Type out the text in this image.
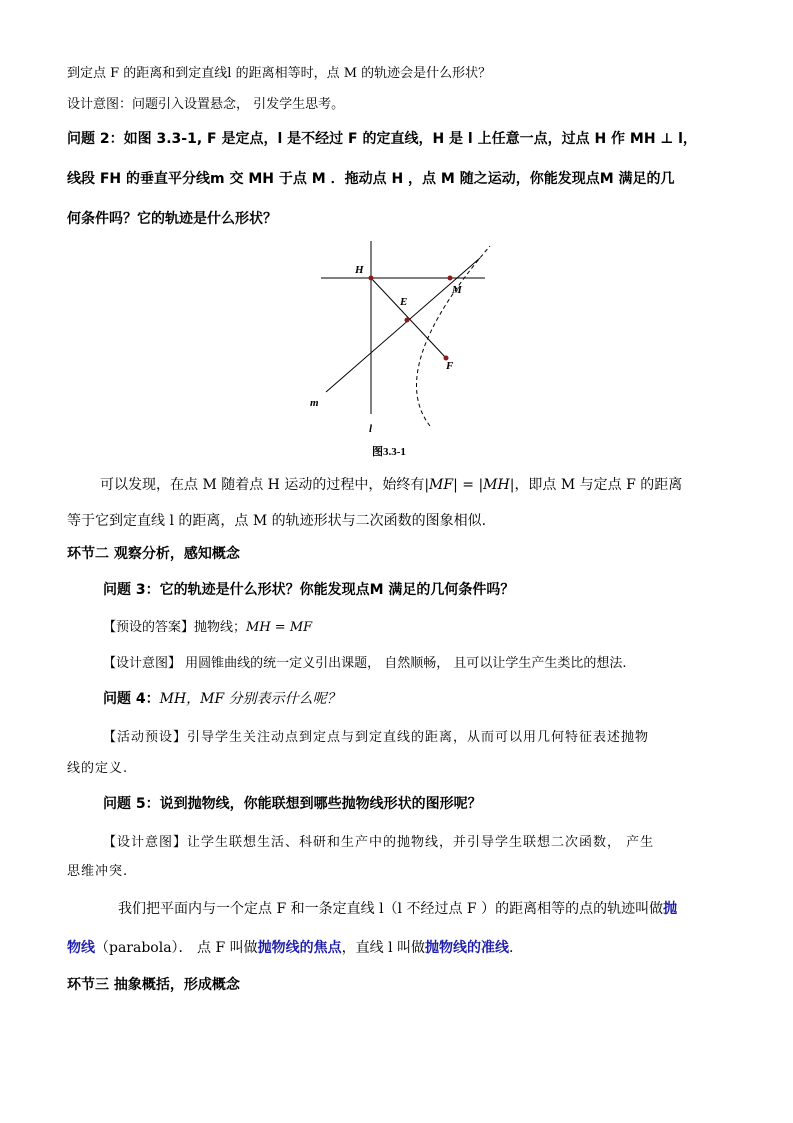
到定点 F 的距离和到定直线l 的距离相等时，点 M 的轨迹会是什么形状？
设计意图：问题引入设置悬念， 引发学生思考。
问题 2：如图 3.3-1, F 是定点，l 是不经过 F 的定直线，H 是 l 上任意一点，过点 H 作 MH ⊥ l，
线段 FH 的垂直平分线m 交 MH 于点 M ．拖动点 H ，点 M 随之运动，你能发现点M 满足的几
何条件吗？它的轨迹是什么形状？
H
M
E
F
m
l
图3.3-1
可以发现，在点 M 随着点 H 运动的过程中，始终有|MF| = |MH|，即点 M 与定点 F 的距离
等于它到定直线 l 的距离，点 M 的轨迹形状与二次函数的图象相似.
环节二 观察分析，感知概念
问题 3：它的轨迹是什么形状？你能发现点M 满足的几何条件吗？
【预设的答案】抛物线；MH = MF
【设计意图】 用圆锥曲线的统一定义引出课题， 自然顺畅， 且可以让学生产生类比的想法.
问题 4：MH，MF 分别表示什么呢？
【活动预设】引导学生关注动点到定点与到定直线的距离，从而可以用几何特征表述抛物
线的定义.
问题 5：说到抛物线，你能联想到哪些抛物线形状的图形呢？
【设计意图】让学生联想生活、科研和生产中的抛物线，并引导学生联想二次函数， 产生
思维冲突.
我们把平面内与一个定点 F 和一条定直线 l（l 不经过点 F ）的距离相等的点的轨迹叫做抛
物线（parabola）． 点 F 叫做抛物线的焦点，直线 l 叫做抛物线的准线.
环节三 抽象概括，形成概念
